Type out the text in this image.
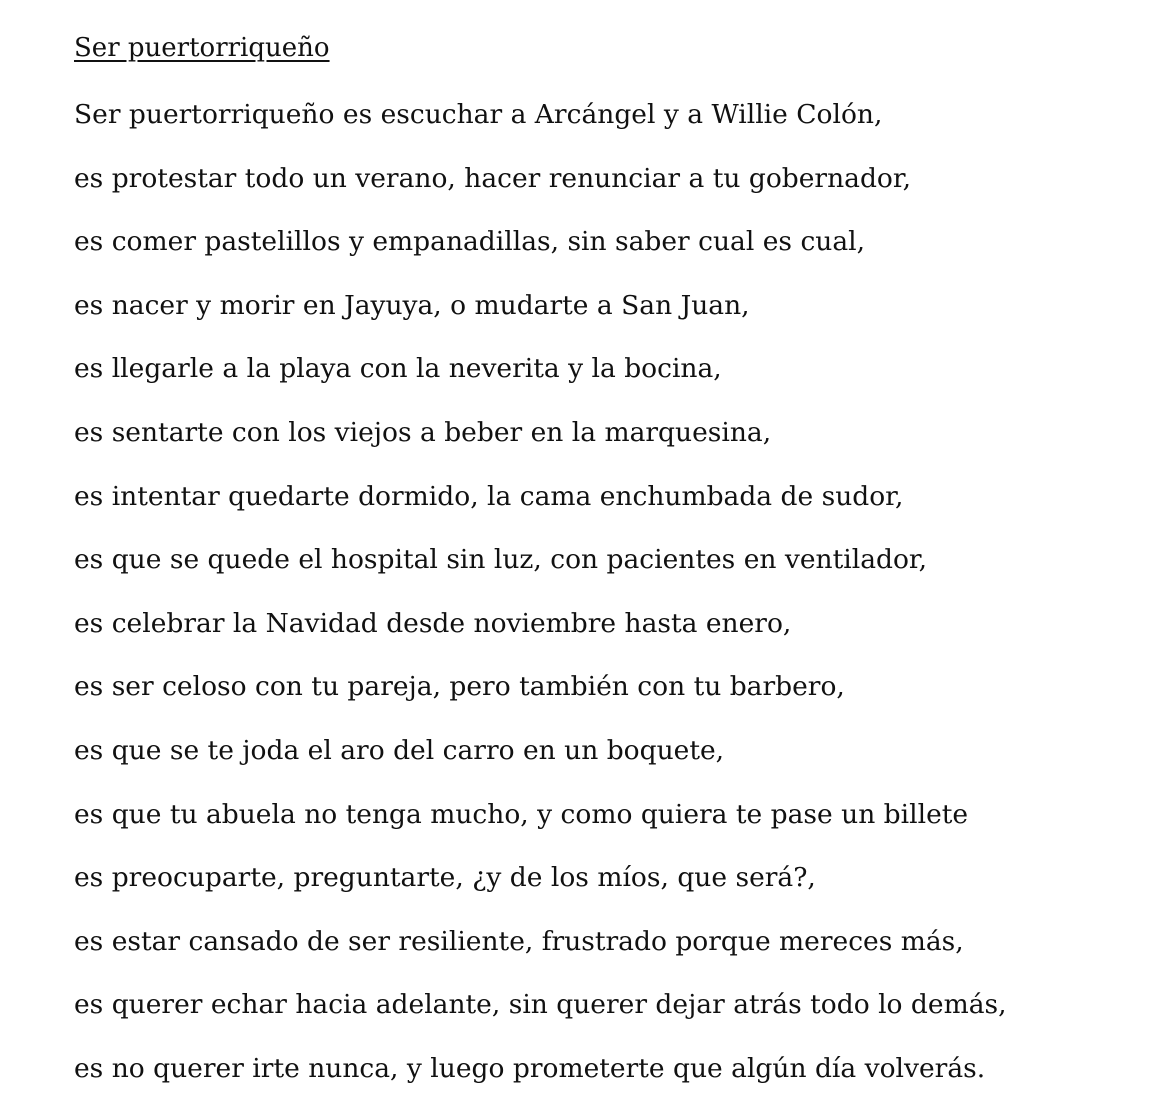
Ser puertorriqueño
Ser puertorriqueño es escuchar a Arcángel y a Willie Colón,
es protestar todo un verano, hacer renunciar a tu gobernador,
es comer pastelillos y empanadillas, sin saber cual es cual,
es nacer y morir en Jayuya, o mudarte a San Juan,
es llegarle a la playa con la neverita y la bocina,
es sentarte con los viejos a beber en la marquesina,
es intentar quedarte dormido, la cama enchumbada de sudor,
es que se quede el hospital sin luz, con pacientes en ventilador,
es celebrar la Navidad desde noviembre hasta enero,
es ser celoso con tu pareja, pero también con tu barbero,
es que se te joda el aro del carro en un boquete,
es que tu abuela no tenga mucho, y como quiera te pase un billete
es preocuparte, preguntarte, ¿y de los míos, que será?,
es estar cansado de ser resiliente, frustrado porque mereces más,
es querer echar hacia adelante, sin querer dejar atrás todo lo demás,
es no querer irte nunca, y luego prometerte que algún día volverás.
